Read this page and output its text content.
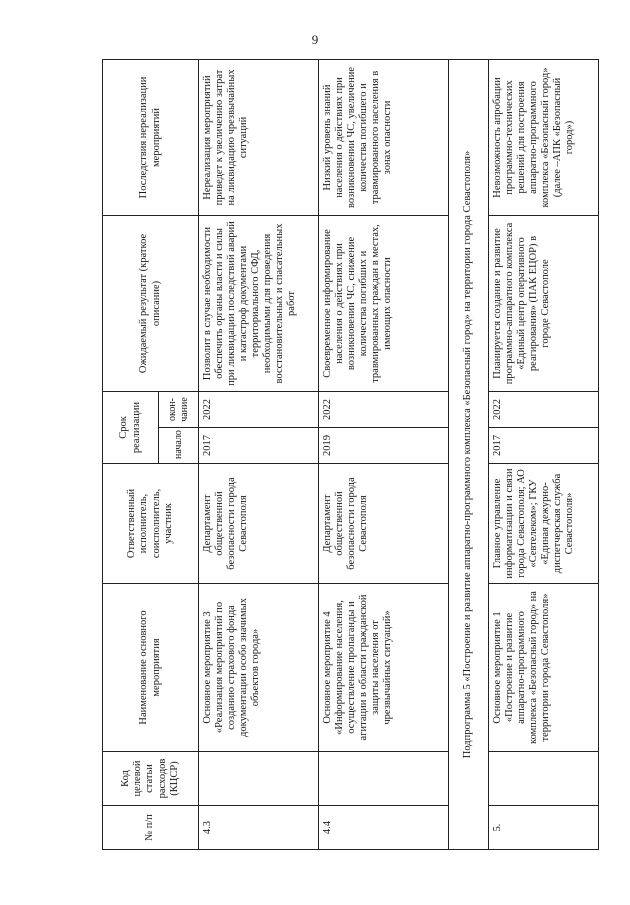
9
№ п/п	Код целевой статьи расходов (КЦСР)	Наименование основного мероприятия	Ответственный исполнитель, соисполнитель, участник	Срок реализации		Ожидаемый результат (краткое описание)	Последствия нереализации мероприятий
				начало	окон-чание		
4.3		Основное мероприятие 3 «Реализация мероприятий по созданию страхового фонда документации особо значимых объектов города»	Департамент общественной безопасности города Севастополя	2017	2022	Позволит в случае необходимости обеспечить органы власти и силы при ликвидации последствий аварий и катастроф документами территориального СФД, необходимыми для проведения восстановительных и спасательных работ	Нереализация мероприятий приведет к увеличению затрат на ликвидацию чрезвычайных ситуаций
4.4		Основное мероприятие 4 «Информирование населения, осуществление пропаганды и агитации в области гражданской защиты населения от чрезвычайных ситуаций»	Департамент общественной безопасности города Севастополя	2019	2022	Своевременное информирование населения о действиях при возникновении ЧС, снижение количества погибших и травмированных граждан в местах, имеющих опасности	Низкий уровень знаний населения о действиях при возникновении ЧС, увеличение количества погибшего и травмированного населения в зонах опасности
Подпрограмма 5 «Построение и развитие аппаратно-программного комплекса «Безопасный город» на территории города Севастополя»							
5.		Основное мероприятие 1 «Построение и развитие аппаратно-программного комплекса «Безопасный город» на территории города Севастополя»	Главное управление информатизации и связи города Севастополя; АО «Севтелеком»; ГКУ «Единая дежурно-диспетчерская служба Севастополя»	2017	2022	Планируется создание и развитие программно-аппаратного комплекса «Единый центр оперативного реагирования» (ПАК ЕЦОР) в городе Севастополе	Невозможность апробации программно-технических решений для построения аппаратно-программного комплекса «Безопасный город» (далее –АПК «Безопасный город»)
